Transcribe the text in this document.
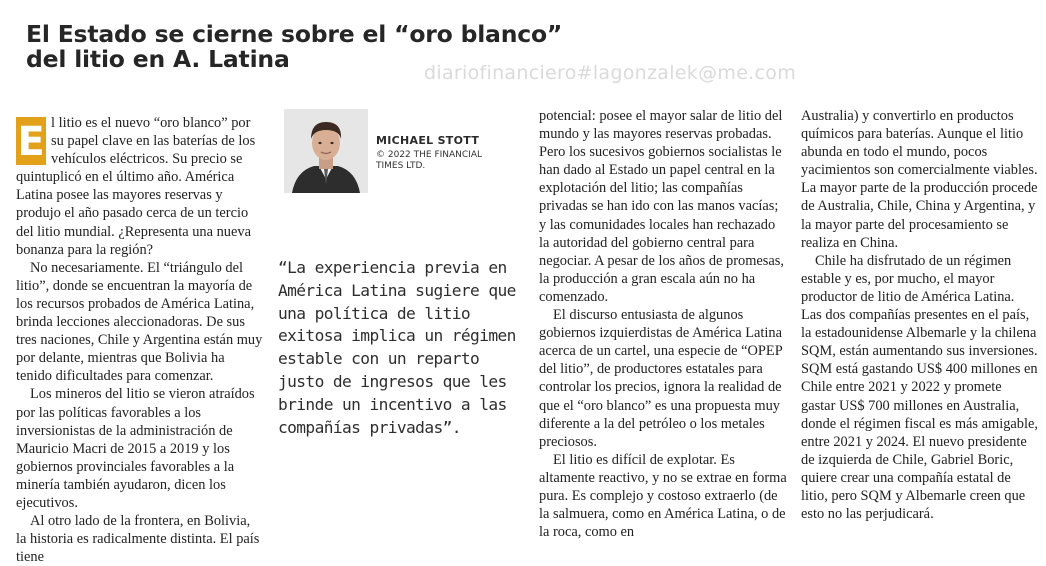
El Estado se cierne sobre el “oro blanco”
del litio en A. Latina	diariofinanciero#lagonzalek@me.com

E l litio es el nuevo “oro blanco” por su papel clave en las baterías de los vehículos eléctricos. Su precio se quintuplicó en el último año. América Latina posee las mayores reservas y produjo el año pasado cerca de un tercio del litio mundial. ¿Representa una nueva bonanza para la región?

No necesariamente. El “triángulo del litio”, donde se encuentran la mayoría de los recursos probados de América Latina, brinda lecciones aleccionadoras. De sus tres naciones, Chile y Argentina están muy por delante, mientras que Bolivia ha tenido dificultades para comenzar.

Los mineros del litio se vieron atraídos por las políticas favorables a los inversionistas de la administración de Mauricio Macri de 2015 a 2019 y los gobiernos provinciales favorables a la minería también ayudaron, dicen los ejecutivos.

Al otro lado de la frontera, en Bolivia, la historia es radicalmente distinta. El país tiene

MICHAEL STOTT
© 2022 THE FINANCIAL
TIMES LTD.
“La experiencia previa en América Latina sugiere que una política de litio exitosa implica un régimen estable con un reparto justo de ingresos que les brinde un incentivo a las compañías privadas”.

potencial: posee el mayor salar de litio del mundo y las mayores reservas probadas. Pero los sucesivos gobiernos socialistas le han dado al Estado un papel central en la explotación del litio; las compañías privadas se han ido con las manos vacías; y las comunidades locales han rechazado la autoridad del gobierno central para negociar. A pesar de los años de promesas, la producción a gran escala aún no ha comenzado.

El discurso entusiasta de algunos gobiernos izquierdistas de América Latina acerca de un cartel, una especie de “OPEP del litio”, de productores estatales para controlar los precios, ignora la realidad de que el “oro blanco” es una propuesta muy diferente a la del petróleo o los metales preciosos.

El litio es difícil de explotar. Es altamente reactivo, y no se extrae en forma pura. Es complejo y costoso extraerlo (de la salmuera, como en América Latina, o de la roca, como en

Australia) y convertirlo en productos químicos para baterías. Aunque el litio abunda en todo el mundo, pocos yacimientos son comercialmente viables. La mayor parte de la producción procede de Australia, Chile, China y Argentina, y la mayor parte del procesamiento se realiza en China.

Chile ha disfrutado de un régimen estable y es, por mucho, el mayor productor de litio de América Latina. Las dos compañías presentes en el país, la estadounidense Albemarle y la chilena SQM, están aumentando sus inversiones. SQM está gastando US$ 400 millones en Chile entre 2021 y 2022 y promete gastar US$ 700 millones en Australia, donde el régimen fiscal es más amigable, entre 2021 y 2024. El nuevo presidente de izquierda de Chile, Gabriel Boric, quiere crear una compañía estatal de litio, pero SQM y Albemarle creen que esto no las perjudicará.
